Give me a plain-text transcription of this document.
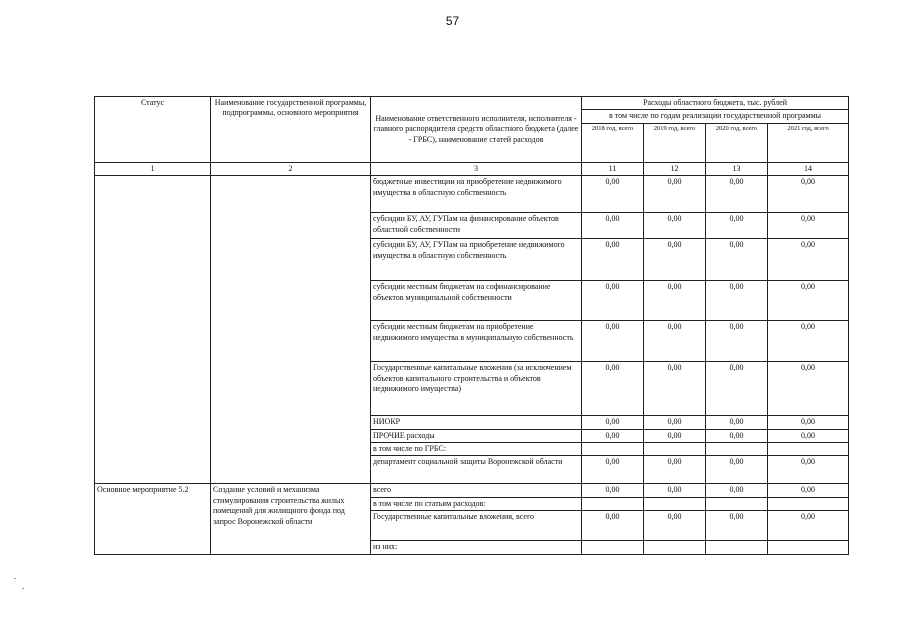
57
Статус	Наименование государственной программы, подпрограммы, основного мероприятия	Наименование ответственного исполнителя, исполнителя - главного распорядителя средств областного бюджета (далее - ГРБС), наименование статей расходов	Расходы областного бюджета, тыс. рублей			
			в том числе по годам реализации государственной программы			
			2018 год, всего	2019 год, всего	2020 год, всего	2021 год, всего
1	2	3	11	12	13	14
		бюджетные инвестиции на приобретение недвижимого имущества в областную собственность	0,00	0,00	0,00	0,00
		субсидии БУ, АУ, ГУПам на финансирование объектов областной собственности	0,00	0,00	0,00	0,00
		субсидии БУ, АУ, ГУПам на приобретение недвижимого имущества в областную собственность	0,00	0,00	0,00	0,00
		субсидии местным бюджетам на софинансирование объектов муниципальной собственности	0,00	0,00	0,00	0,00
		субсидии местным бюджетам на приобретение недвижимого имущества в муниципальную собственность	0,00	0,00	0,00	0,00
		Государственные капитальные вложения (за исключением объектов капитального строительства и объектов недвижимого имущества)	0,00	0,00	0,00	0,00
		НИОКР	0,00	0,00	0,00	0,00
		ПРОЧИЕ расходы	0,00	0,00	0,00	0,00
		в том числе по ГРБС:				
		департамент социальной защиты Воронежской области	0,00	0,00	0,00	0,00
Основное мероприятие 5.2	Создание условий и механизма стимулирования строительства жилых помещений для жилищного фонда под запрос Воронежской области	всего	0,00	0,00	0,00	0,00
		в том числе по статьям расходов:				
		Государственные капитальные вложения, всего	0,00	0,00	0,00	0,00
		из них:				
